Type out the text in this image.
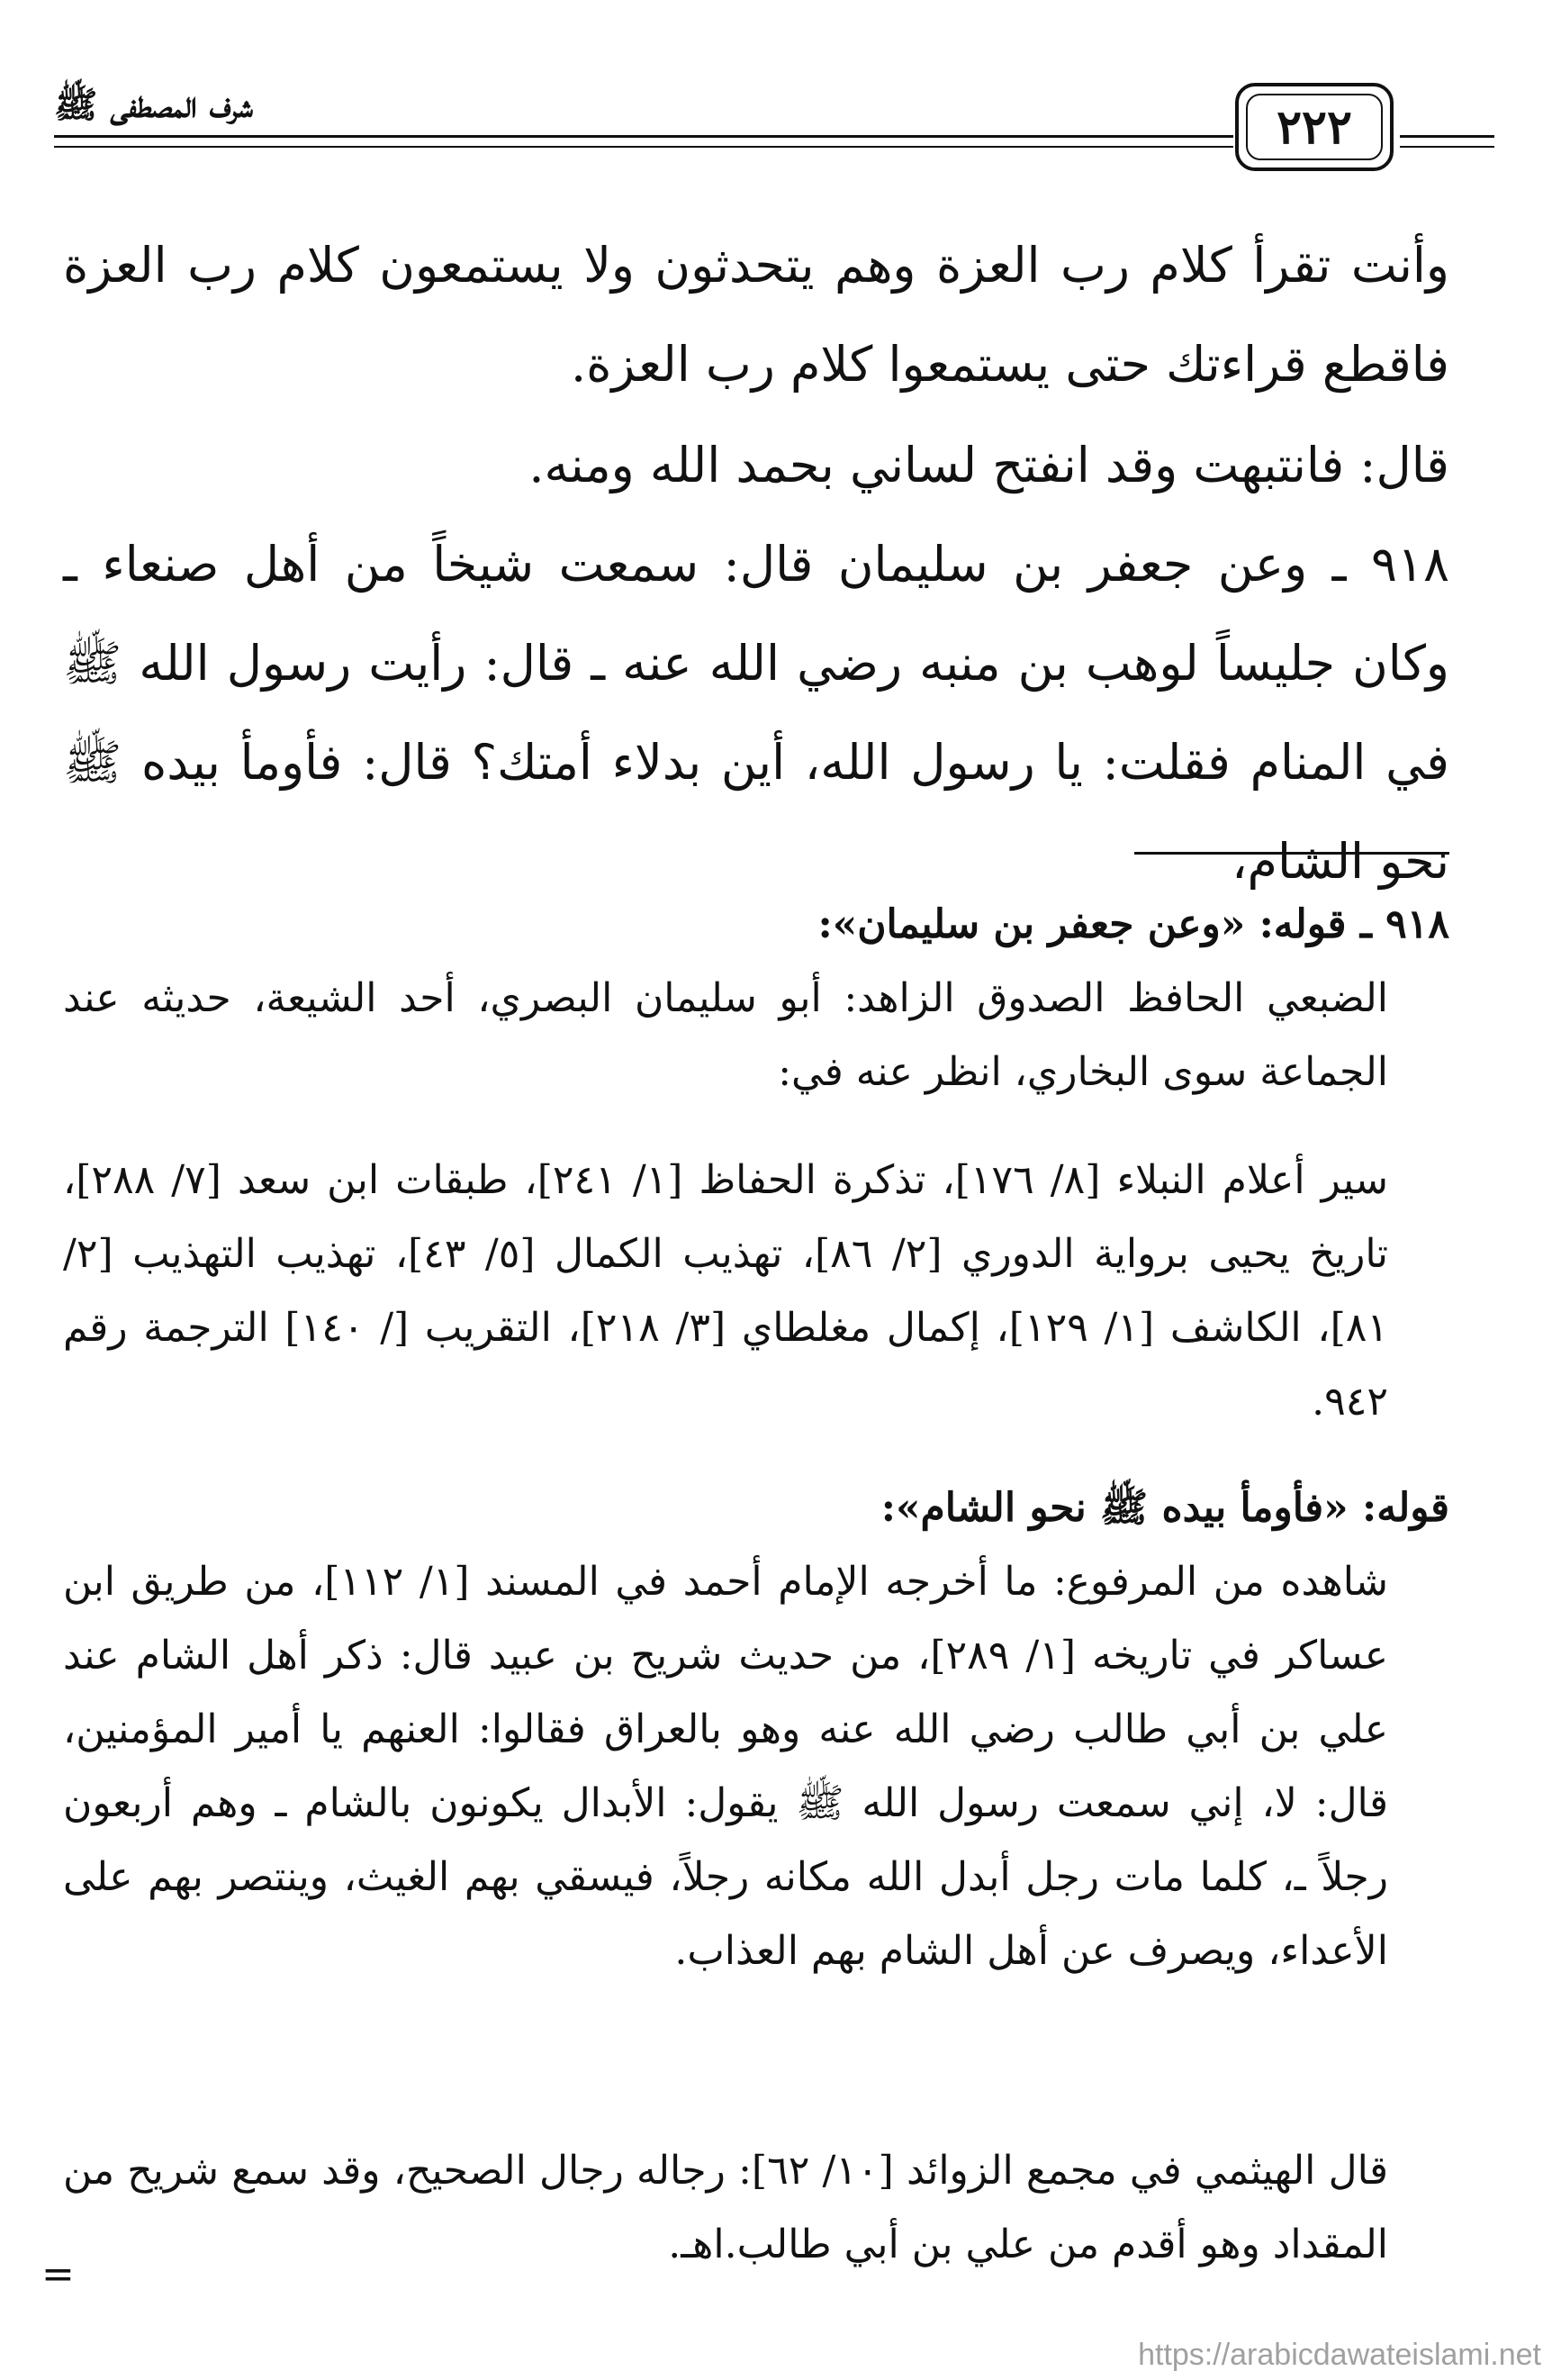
شرف المصطفى ﷺ	٢٢٢
وأنت تقرأ كلام رب العزة وهم يتحدثون ولا يستمعون كلام رب العزة فاقطع قراءتك حتى يستمعوا كلام رب العزة.
قال: فانتبهت وقد انفتح لساني بحمد الله ومنه.
٩١٨ ـ وعن جعفر بن سليمان قال: سمعت شيخاً من أهل صنعاء ـ وكان جليساً لوهب بن منبه رضي الله عنه ـ قال: رأيت رسول الله ﷺ في المنام فقلت: يا رسول الله، أين بدلاء أمتك؟ قال: فأومأ بيده ﷺ نحو الشام،
٩١٨ ـ قوله: «وعن جعفر بن سليمان»:
الضبعي الحافظ الصدوق الزاهد: أبو سليمان البصري، أحد الشيعة، حديثه عند الجماعة سوى البخاري، انظر عنه في:
سير أعلام النبلاء [٨/ ١٧٦]، تذكرة الحفاظ [١/ ٢٤١]، طبقات ابن سعد [٧/ ٢٨٨]، تاريخ يحيى برواية الدوري [٢/ ٨٦]، تهذيب الكمال [٥/ ٤٣]، تهذيب التهذيب [٢/ ٨١]، الكاشف [١/ ١٢٩]، إكمال مغلطاي [٣/ ٢١٨]، التقريب [/ ١٤٠] الترجمة رقم ٩٤٢.
قوله: «فأومأ بيده ﷺ نحو الشام»:
شاهده من المرفوع: ما أخرجه الإمام أحمد في المسند [١/ ١١٢]، من طريق ابن عساكر في تاريخه [١/ ٢٨٩]، من حديث شريح بن عبيد قال: ذكر أهل الشام عند علي بن أبي طالب رضي الله عنه وهو بالعراق فقالوا: العنهم يا أمير المؤمنين، قال: لا، إني سمعت رسول الله ﷺ يقول: الأبدال يكونون بالشام ـ وهم أربعون رجلاً ـ، كلما مات رجل أبدل الله مكانه رجلاً، فيسقي بهم الغيث، وينتصر بهم على الأعداء، ويصرف عن أهل الشام بهم العذاب.
قال الهيثمي في مجمع الزوائد [١٠/ ٦٢]: رجاله رجال الصحيح، وقد سمع شريح من المقداد وهو أقدم من علي بن أبي طالب.اهـ.
=
https://arabicdawateislami.net
